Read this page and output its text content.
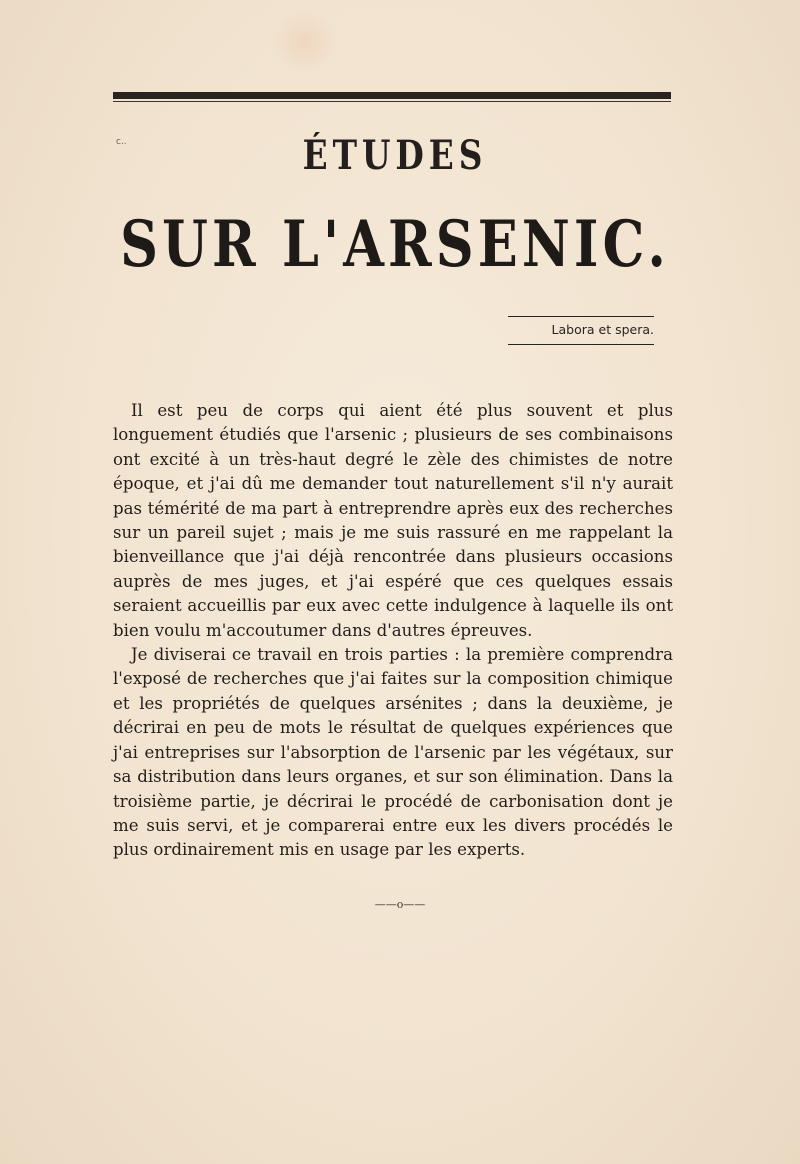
c..	ÉTUDES
SUR L'ARSENIC.
Labora et spera.

Il est peu de corps qui aient été plus souvent et plus longuement étudiés que l'arsenic ; plusieurs de ses combinaisons ont excité à un très-haut degré le zèle des chimistes de notre époque, et j'ai dû me demander tout naturellement s'il n'y aurait pas témérité de ma part à entreprendre après eux des recherches sur un pareil sujet ; mais je me suis rassuré en me rappelant la bienveillance que j'ai déjà rencontrée dans plusieurs occasions auprès de mes juges, et j'ai espéré que ces quelques essais seraient accueillis par eux avec cette indulgence à laquelle ils ont bien voulu m'accoutumer dans d'autres épreuves.

Je diviserai ce travail en trois parties : la première comprendra l'exposé de recherches que j'ai faites sur la composition chimique et les propriétés de quelques arsénites ; dans la deuxième, je décrirai en peu de mots le résultat de quelques expériences que j'ai entreprises sur l'absorption de l'arsenic par les végétaux, sur sa distribution dans leurs organes, et sur son élimination. Dans la troisième partie, je décrirai le procédé de carbonisation dont je me suis servi, et je comparerai entre eux les divers procédés le plus ordinairement mis en usage par les experts.

——o——
